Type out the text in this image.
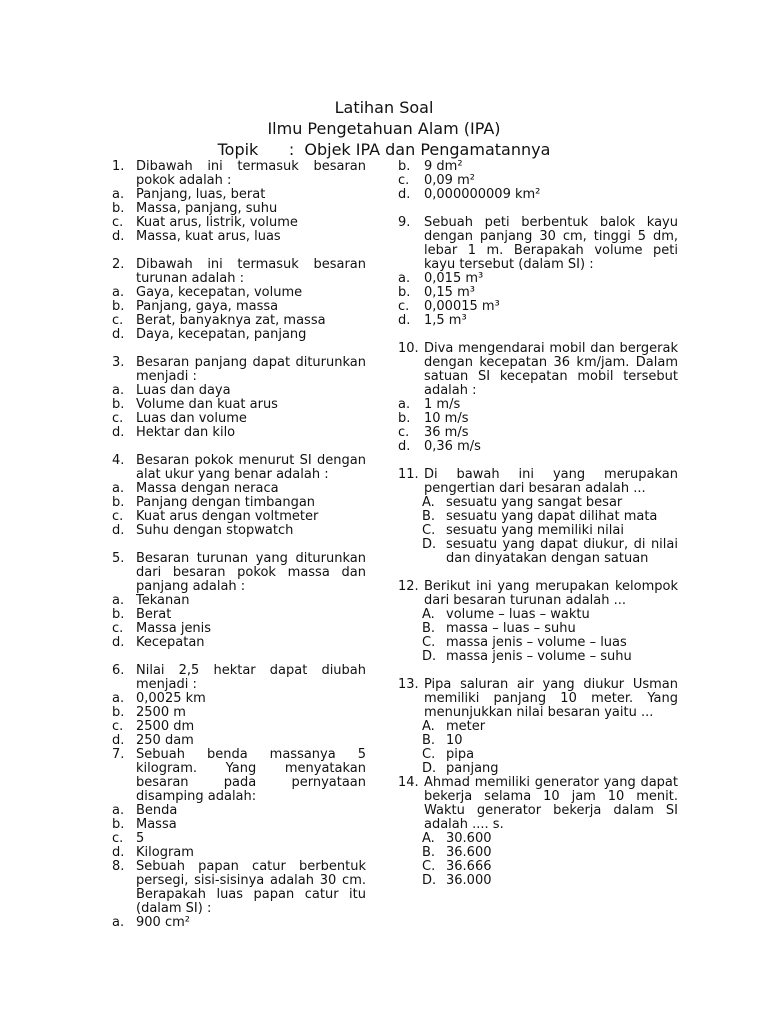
Latihan Soal
Ilmu Pengetahuan Alam (IPA)
Topik      :  Objek IPA dan Pengamatannya
1. Dibawah ini termasuk besaran pokok adalah :
a. Panjang, luas, berat
b. Massa, panjang, suhu
c. Kuat arus, listrik, volume
d. Massa, kuat arus, luas
2. Dibawah ini termasuk besaran turunan adalah :
a. Gaya, kecepatan, volume
b. Panjang, gaya, massa
c. Berat, banyaknya zat, massa
d. Daya, kecepatan, panjang
3. Besaran panjang dapat diturunkan menjadi :
a. Luas dan daya
b. Volume dan kuat arus
c. Luas dan volume
d. Hektar dan kilo
4. Besaran pokok menurut SI dengan alat ukur yang benar adalah :
a. Massa dengan neraca
b. Panjang dengan timbangan
c. Kuat arus dengan voltmeter
d. Suhu dengan stopwatch
5. Besaran turunan yang diturunkan dari besaran pokok massa dan panjang adalah :
a. Tekanan
b. Berat
c. Massa jenis
d. Kecepatan
6. Nilai 2,5 hektar dapat diubah menjadi :
a. 0,0025 km
b. 2500 m
c. 2500 dm
d. 250 dam
7. Sebuah benda massanya 5 kilogram. Yang menyatakan besaran pada pernyataan disamping adalah:
a. Benda
b. Massa
c. 5
d. Kilogram
8. Sebuah papan catur berbentuk persegi, sisi-sisinya adalah 30 cm. Berapakah luas papan catur itu (dalam SI) :
a. 900 cm²
b.	9 dm²
c.	0,09 m²
d.	0,000000009 km²
9.	Sebuah peti berbentuk balok kayu dengan panjang 30 cm, tinggi 5 dm, lebar 1 m. Berapakah volume peti kayu tersebut (dalam SI) :
a.	0,015 m³
b.	0,15 m³
c.	0,00015 m³
d.	1,5 m³
10. Diva mengendarai mobil dan bergerak dengan kecepatan 36 km/jam. Dalam satuan SI kecepatan mobil tersebut adalah :
a.	1 m/s
b.	10 m/s
c.	36 m/s
d.	0,36 m/s
11. Di bawah ini yang merupakan pengertian dari besaran adalah ...
A. sesuatu yang sangat besar
B. sesuatu yang dapat dilihat mata
C. sesuatu yang memiliki nilai
D. sesuatu yang dapat diukur, di nilai dan dinyatakan dengan satuan
12. Berikut ini yang merupakan kelompok dari besaran turunan adalah ...
A. volume – luas – waktu
B. massa – luas – suhu
C. massa jenis – volume – luas
D. massa jenis – volume – suhu
13. Pipa saluran air yang diukur Usman memiliki panjang 10 meter. Yang menunjukkan nilai besaran yaitu ...
A. meter
B. 10
C. pipa
D. panjang
14. Ahmad memiliki generator yang dapat bekerja selama 10 jam 10 menit. Waktu generator bekerja dalam SI adalah .... s.
A. 30.600
B. 36.600
C. 36.666
D. 36.000
